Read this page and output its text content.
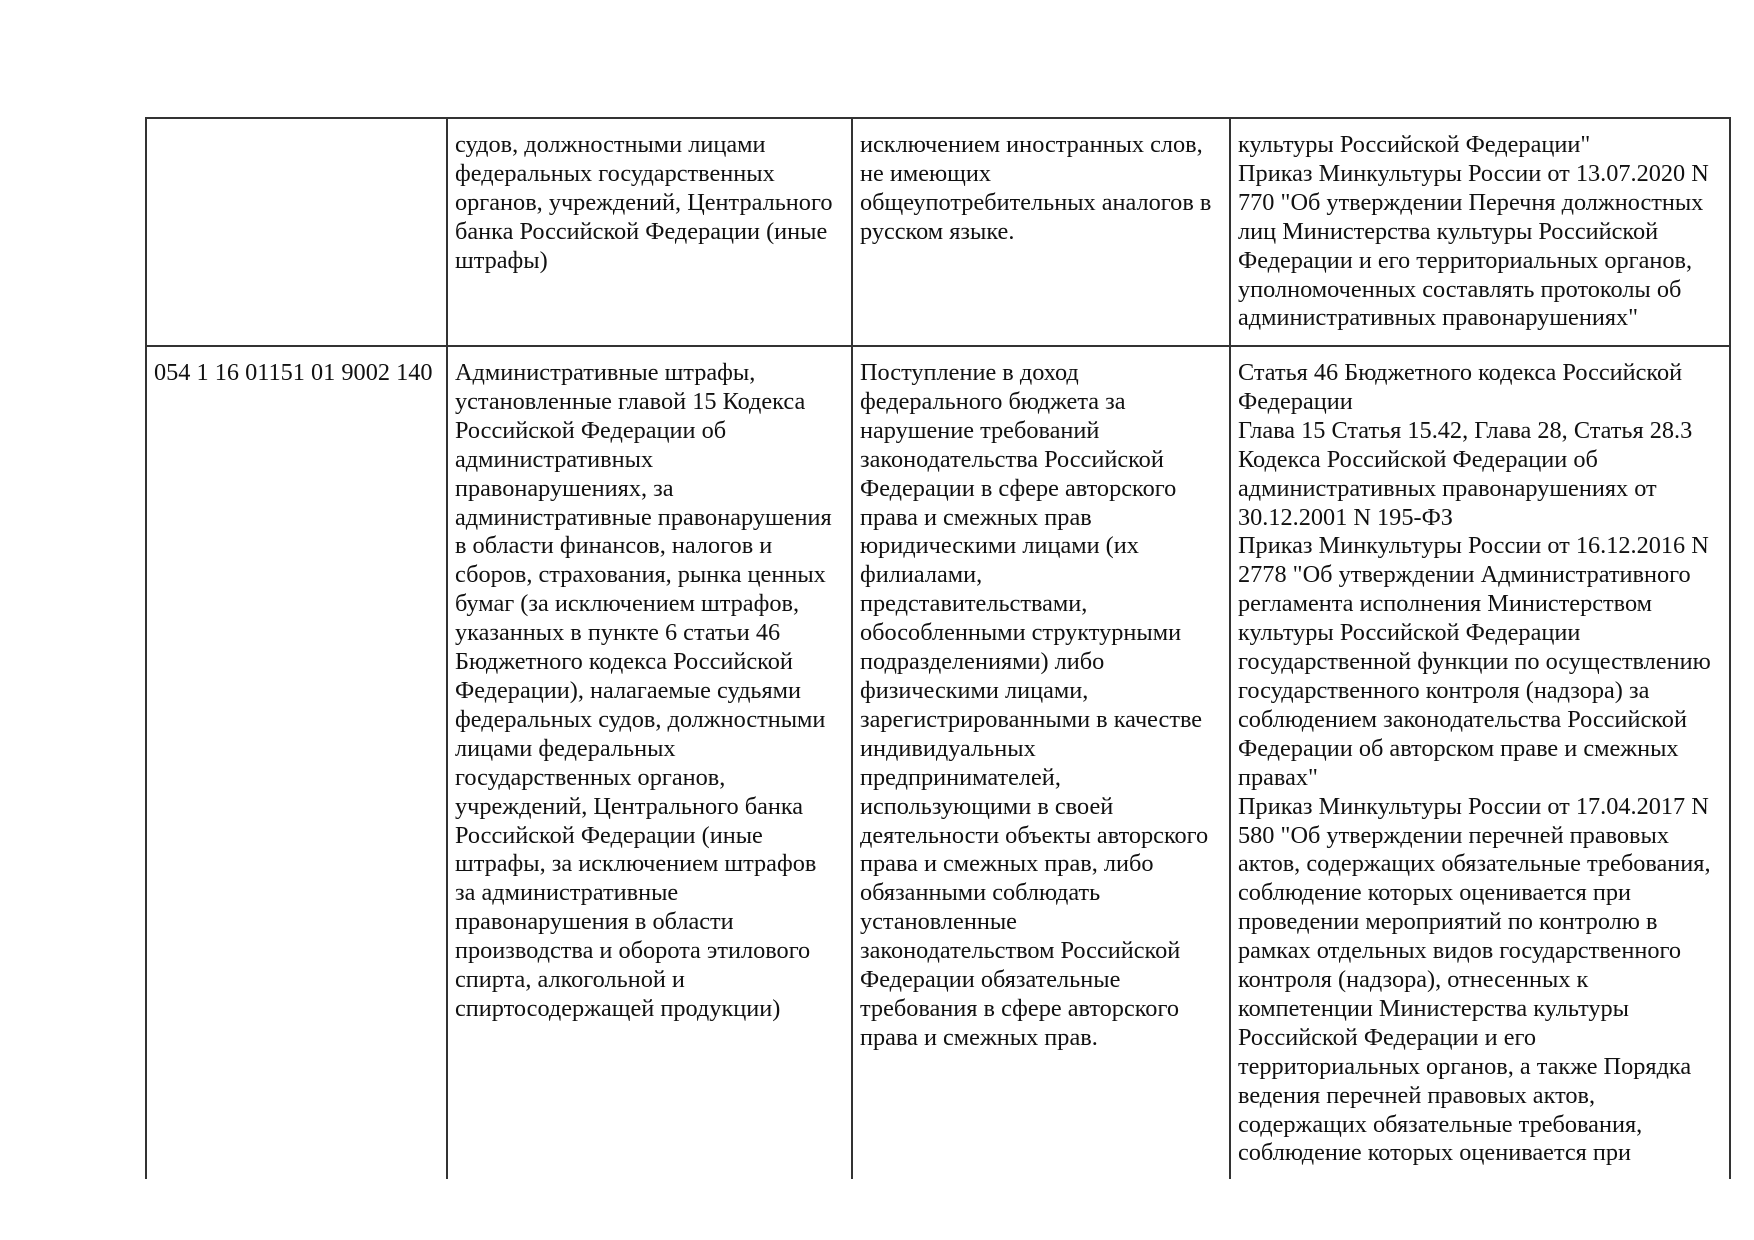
судов, должностными лицами
федеральных государственных
органов, учреждений, Центрального
банка Российской Федерации (иные
штрафы)
исключением иностранных слов,
не имеющих
общеупотребительных аналогов в
русском языке.
культуры Российской Федерации"
Приказ Минкультуры России от 13.07.2020 N
770 "Об утверждении Перечня должностных
лиц Министерства культуры Российской
Федерации и его территориальных органов,
уполномоченных составлять протоколы об
административных правонарушениях"
054 1 16 01151 01 9002 140 Административные штрафы,
установленные главой 15 Кодекса
Российской Федерации об
административных
правонарушениях, за
административные правонарушения
в области финансов, налогов и
сборов, страхования, рынка ценных
бумаг (за исключением штрафов,
указанных в пункте 6 статьи 46
Бюджетного кодекса Российской
Федерации), налагаемые судьями
федеральных судов, должностными
лицами федеральных
государственных органов,
учреждений, Центрального банка
Российской Федерации (иные
штрафы, за исключением штрафов
за административные
правонарушения в области
производства и оборота этилового
спирта, алкогольной и
спиртосодержащей продукции)
Поступление в доход
федерального бюджета за
нарушение требований
законодательства Российской
Федерации в сфере авторского
права и смежных прав
юридическими лицами (их
филиалами,
представительствами,
обособленными структурными
подразделениями) либо
физическими лицами,
зарегистрированными в качестве
индивидуальных
предпринимателей,
использующими в своей
деятельности объекты авторского
права и смежных прав, либо
обязанными соблюдать
установленные
законодательством Российской
Федерации обязательные
требования в сфере авторского
права и смежных прав.
Статья 46 Бюджетного кодекса Российской
Федерации
Глава 15 Статья 15.42, Глава 28, Статья 28.3
Кодекса Российской Федерации об
административных правонарушениях от
30.12.2001 N 195-ФЗ
Приказ Минкультуры России от 16.12.2016 N
2778 "Об утверждении Административного
регламента исполнения Министерством
культуры Российской Федерации
государственной функции по осуществлению
государственного контроля (надзора) за
соблюдением законодательства Российской
Федерации об авторском праве и смежных
правах"
Приказ Минкультуры России от 17.04.2017 N
580 "Об утверждении перечней правовых
актов, содержащих обязательные требования,
соблюдение которых оценивается при
проведении мероприятий по контролю в
рамках отдельных видов государственного
контроля (надзора), отнесенных к
компетенции Министерства культуры
Российской Федерации и его
территориальных органов, а также Порядка
ведения перечней правовых актов,
содержащих обязательные требования,
соблюдение которых оценивается при
